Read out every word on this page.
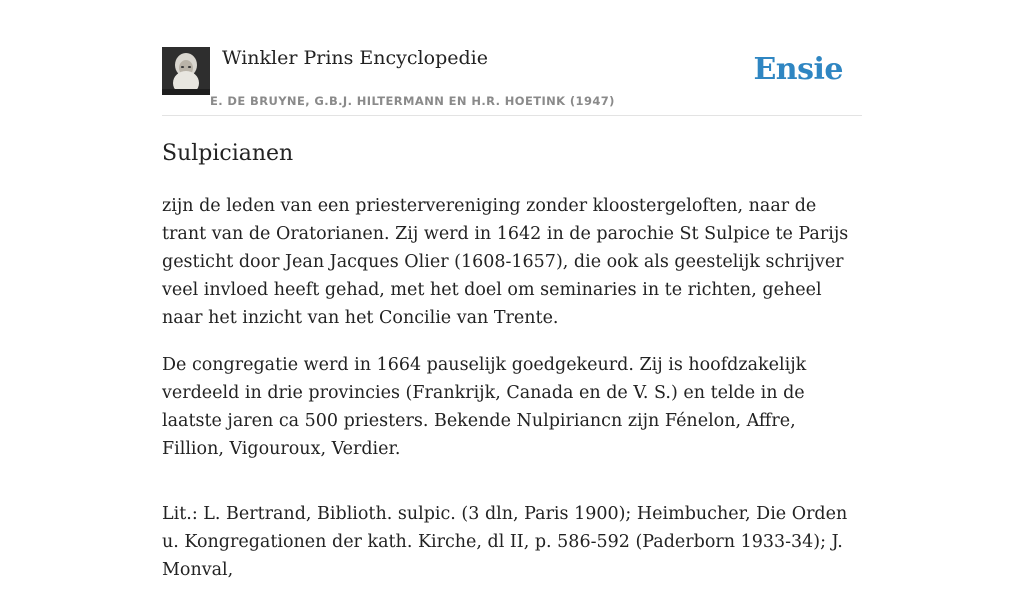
Winkler Prins Encyclopedie
E. DE BRUYNE, G.B.J. HILTERMANN EN H.R. HOETINK (1947)
Ensie
Sulpicianen

zijn de leden van een priestervereniging zonder kloostergeloften, naar de trant van de Oratorianen. Zij werd in 1642 in de parochie St Sulpice te Parijs gesticht door Jean Jacques Olier (1608-1657), die ook als geestelijk schrijver veel invloed heeft gehad, met het doel om seminaries in te richten, geheel naar het inzicht van het Concilie van Trente.

De congregatie werd in 1664 pauselijk goedgekeurd. Zij is hoofdzakelijk verdeeld in drie provincies (Frankrijk, Canada en de V. S.) en telde in de laatste jaren ca 500 priesters. Bekende Nulpiriancn zijn Fénelon, Affre, Fillion, Vigouroux, Verdier.

Lit.: L. Bertrand, Biblioth. sulpic. (3 dln, Paris 1900); Heimbucher, Die Orden u. Kongregationen der kath. Kirche, dl II, p. 586-592 (Paderborn 1933-34); J. Monval,
